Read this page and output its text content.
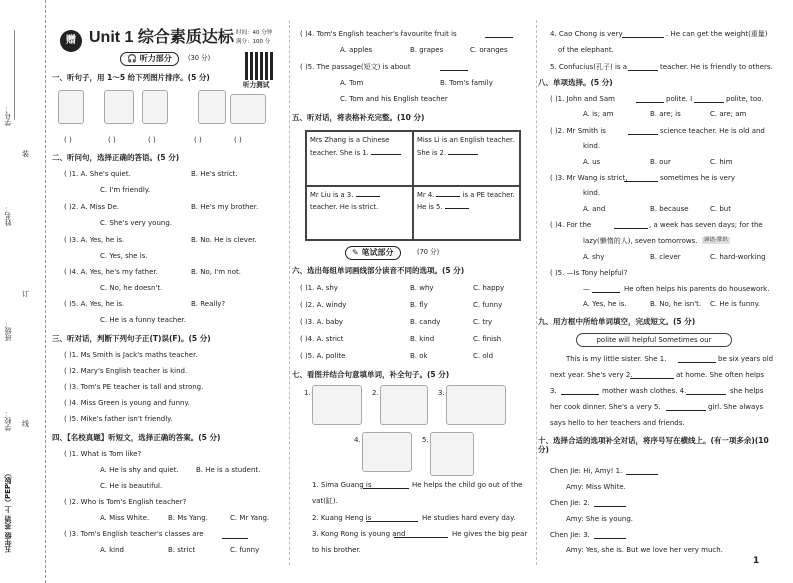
学号：
姓名：
班级：
学校：
装
订
线
五年级 英语 上（PEP版）
赠 Unit 1 综合素质达标 时间：40 分钟
满分：100 分
🎧 听力部分	(30 分)
听力测试
一、听句子，用 1～5 给下列图片排序。(5 分)
( )	( )	( )	( )	( )
二、听问句，选择正确的答语。(5 分)
( )1. A. She's quiet.	B. He's strict.
C. I'm friendly.
( )2. A. Miss De.	B. He's my brother.
C. She's very young.
( )3. A. Yes, he is.	B. No. He is clever.
C. Yes, she is.
( )4. A. Yes, he's my father.	B. No, I'm not.
C. No, he doesn't.
( )5. A. Yes, he is.	B. Really?
C. He is a funny teacher.
三、听对话，判断下列句子正(T)误(F)。(5 分)
( )1. Ms Smith is Jack's maths teacher.
( )2. Mary's English teacher is kind.
( )3. Tom's PE teacher is tall and strong.
( )4. Miss Green is young and funny.
( )5. Mike's father isn't friendly.
四、【名校真题】听短文，选择正确的答案。(5 分)
( )1. What is Tom like?
A. He is shy and quiet. B. He is a student.
C. He is beautiful.
( )2. Who is Tom's English teacher?
A. Miss White.	B. Ms Yang.	C. Mr Yang.
( )3. Tom's English teacher's classes are
A. kind	B. strict	C. funny
( )4. Tom's English teacher's favourite fruit is
A. apples	B. grapes	C. oranges
( )5. The passage(短文) is about
A. Tom	B. Tom's family
C. Tom and his English teacher
五、听对话，将表格补充完整。(10 分)
Mrs Zhang is a Chinese teacher. She is 1.
Miss Li is an English teacher. She is 2.
Mr Liu is a 3.  teacher. He is strict.
Mr 4.	is a PE teacher. He is 5.
✎ 笔试部分	(70 分)
六、选出每组单词画线部分读音不同的选项。(5 分)
( )1. A. shy	B. why	C. happy
( )2. A. windy	B. fly	C. funny
( )3. A. baby	B. candy	C. try
( )4. A. strict	B. kind	C. finish
( )5. A. polite	B. ok	C. old
七、看图并结合句意填单词，补全句子。(5 分)
1.	2.	3.
4.	5.
1. Sima Guang is	He helps the child go out of the
vat(缸).
2. Kuang Heng is	He studies hard every day.
3. Kong Rong is young and	He gives the big pear
to his brother.
4. Cao Chong is very	. He can get the weight(重量)
of the elephant.
5. Confucius(孔子) is a	teacher. He is friendly to others.
八、单项选择。(5 分)
( )1. John and Sam	polite. I	polite, too.
A. is; am	B. are; is	C. are; am
( )2. Mr Smith is	science teacher. He is old and
kind.
A. us	B. our	C. him
( )3. Mr Wang is strict,	sometimes he is very
kind.
A. and	B. because	C. but
( )4. For the	, a week has seven days; for the
lazy(懒惰的人), seven tomorrows.	谚语·常识
A. shy	B. clever	C. hard-working
( )5. —Is Tony helpful?
—	He often helps his parents do housework.
A. Yes, he is.	B. No, he isn't. C. He is funny.
九、用方框中所给单词填空，完成短文。(5 分)
polite will helpful Sometimes our
This is my little sister. She 1.	be six years old
next year. She's very 2.	at home. She often helps
3.	mother wash clothes. 4.	she helps
her cook dinner. She's a very 5.	girl. She always
says hello to her teachers and friends.
十、选择合适的选项补全对话，将序号写在横线上。(有一项多余)(10 分)
Chen Jie: Hi, Amy! 1.
Amy: Miss White.
Chen Jie: 2.
Amy: She is young.
Chen Jie: 3.
Amy: Yes, she is. But we love her very much.
1
